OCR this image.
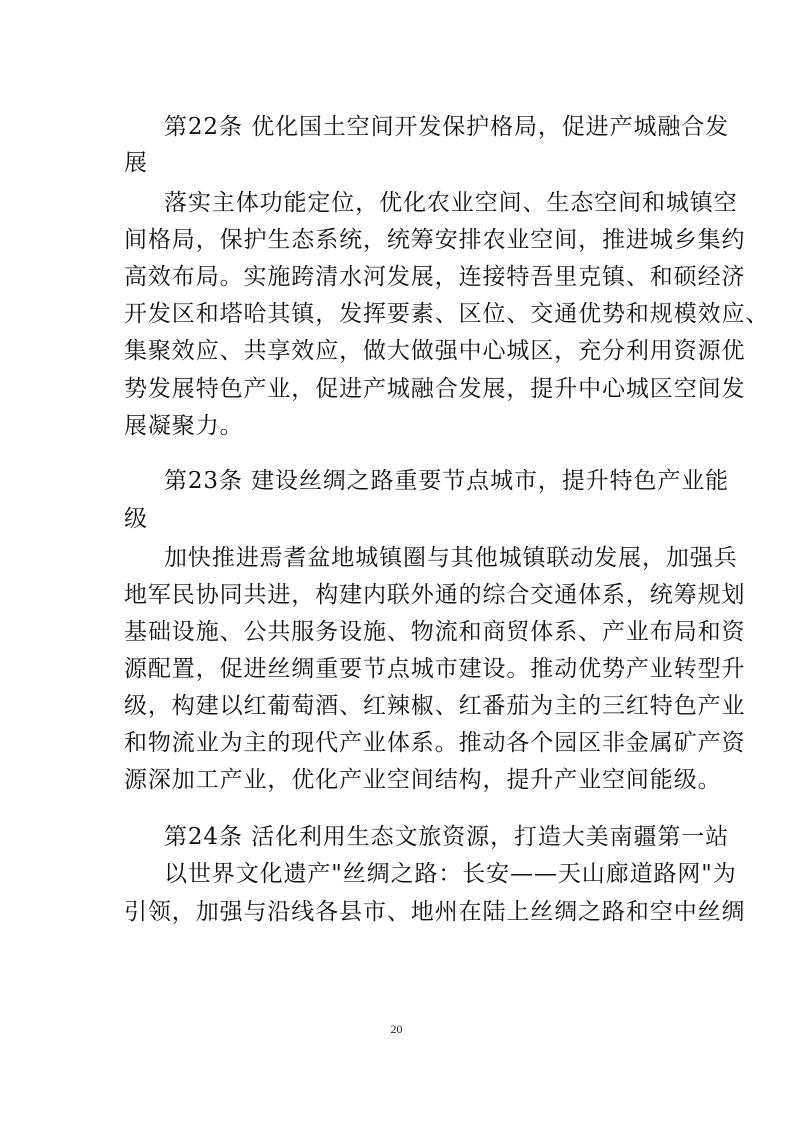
第22条 优化国土空间开发保护格局，促进产城融合发
展
落实主体功能定位，优化农业空间、生态空间和城镇空
间格局，保护生态系统，统筹安排农业空间，推进城乡集约
高效布局。实施跨清水河发展，连接特吾里克镇、和硕经济
开发区和塔哈其镇，发挥要素、区位、交通优势和规模效应、
集聚效应、共享效应，做大做强中心城区，充分利用资源优
势发展特色产业，促进产城融合发展，提升中心城区空间发
展凝聚力。
第23条 建设丝绸之路重要节点城市，提升特色产业能
级
加快推进焉耆盆地城镇圈与其他城镇联动发展，加强兵
地军民协同共进，构建内联外通的综合交通体系，统筹规划
基础设施、公共服务设施、物流和商贸体系、产业布局和资
源配置，促进丝绸重要节点城市建设。推动优势产业转型升
级，构建以红葡萄酒、红辣椒、红番茄为主的三红特色产业
和物流业为主的现代产业体系。推动各个园区非金属矿产资
源深加工产业，优化产业空间结构，提升产业空间能级。
第24条 活化利用生态文旅资源，打造大美南疆第一站
以世界文化遗产"丝绸之路：长安——天山廊道路网"为
引领，加强与沿线各县市、地州在陆上丝绸之路和空中丝绸
20
